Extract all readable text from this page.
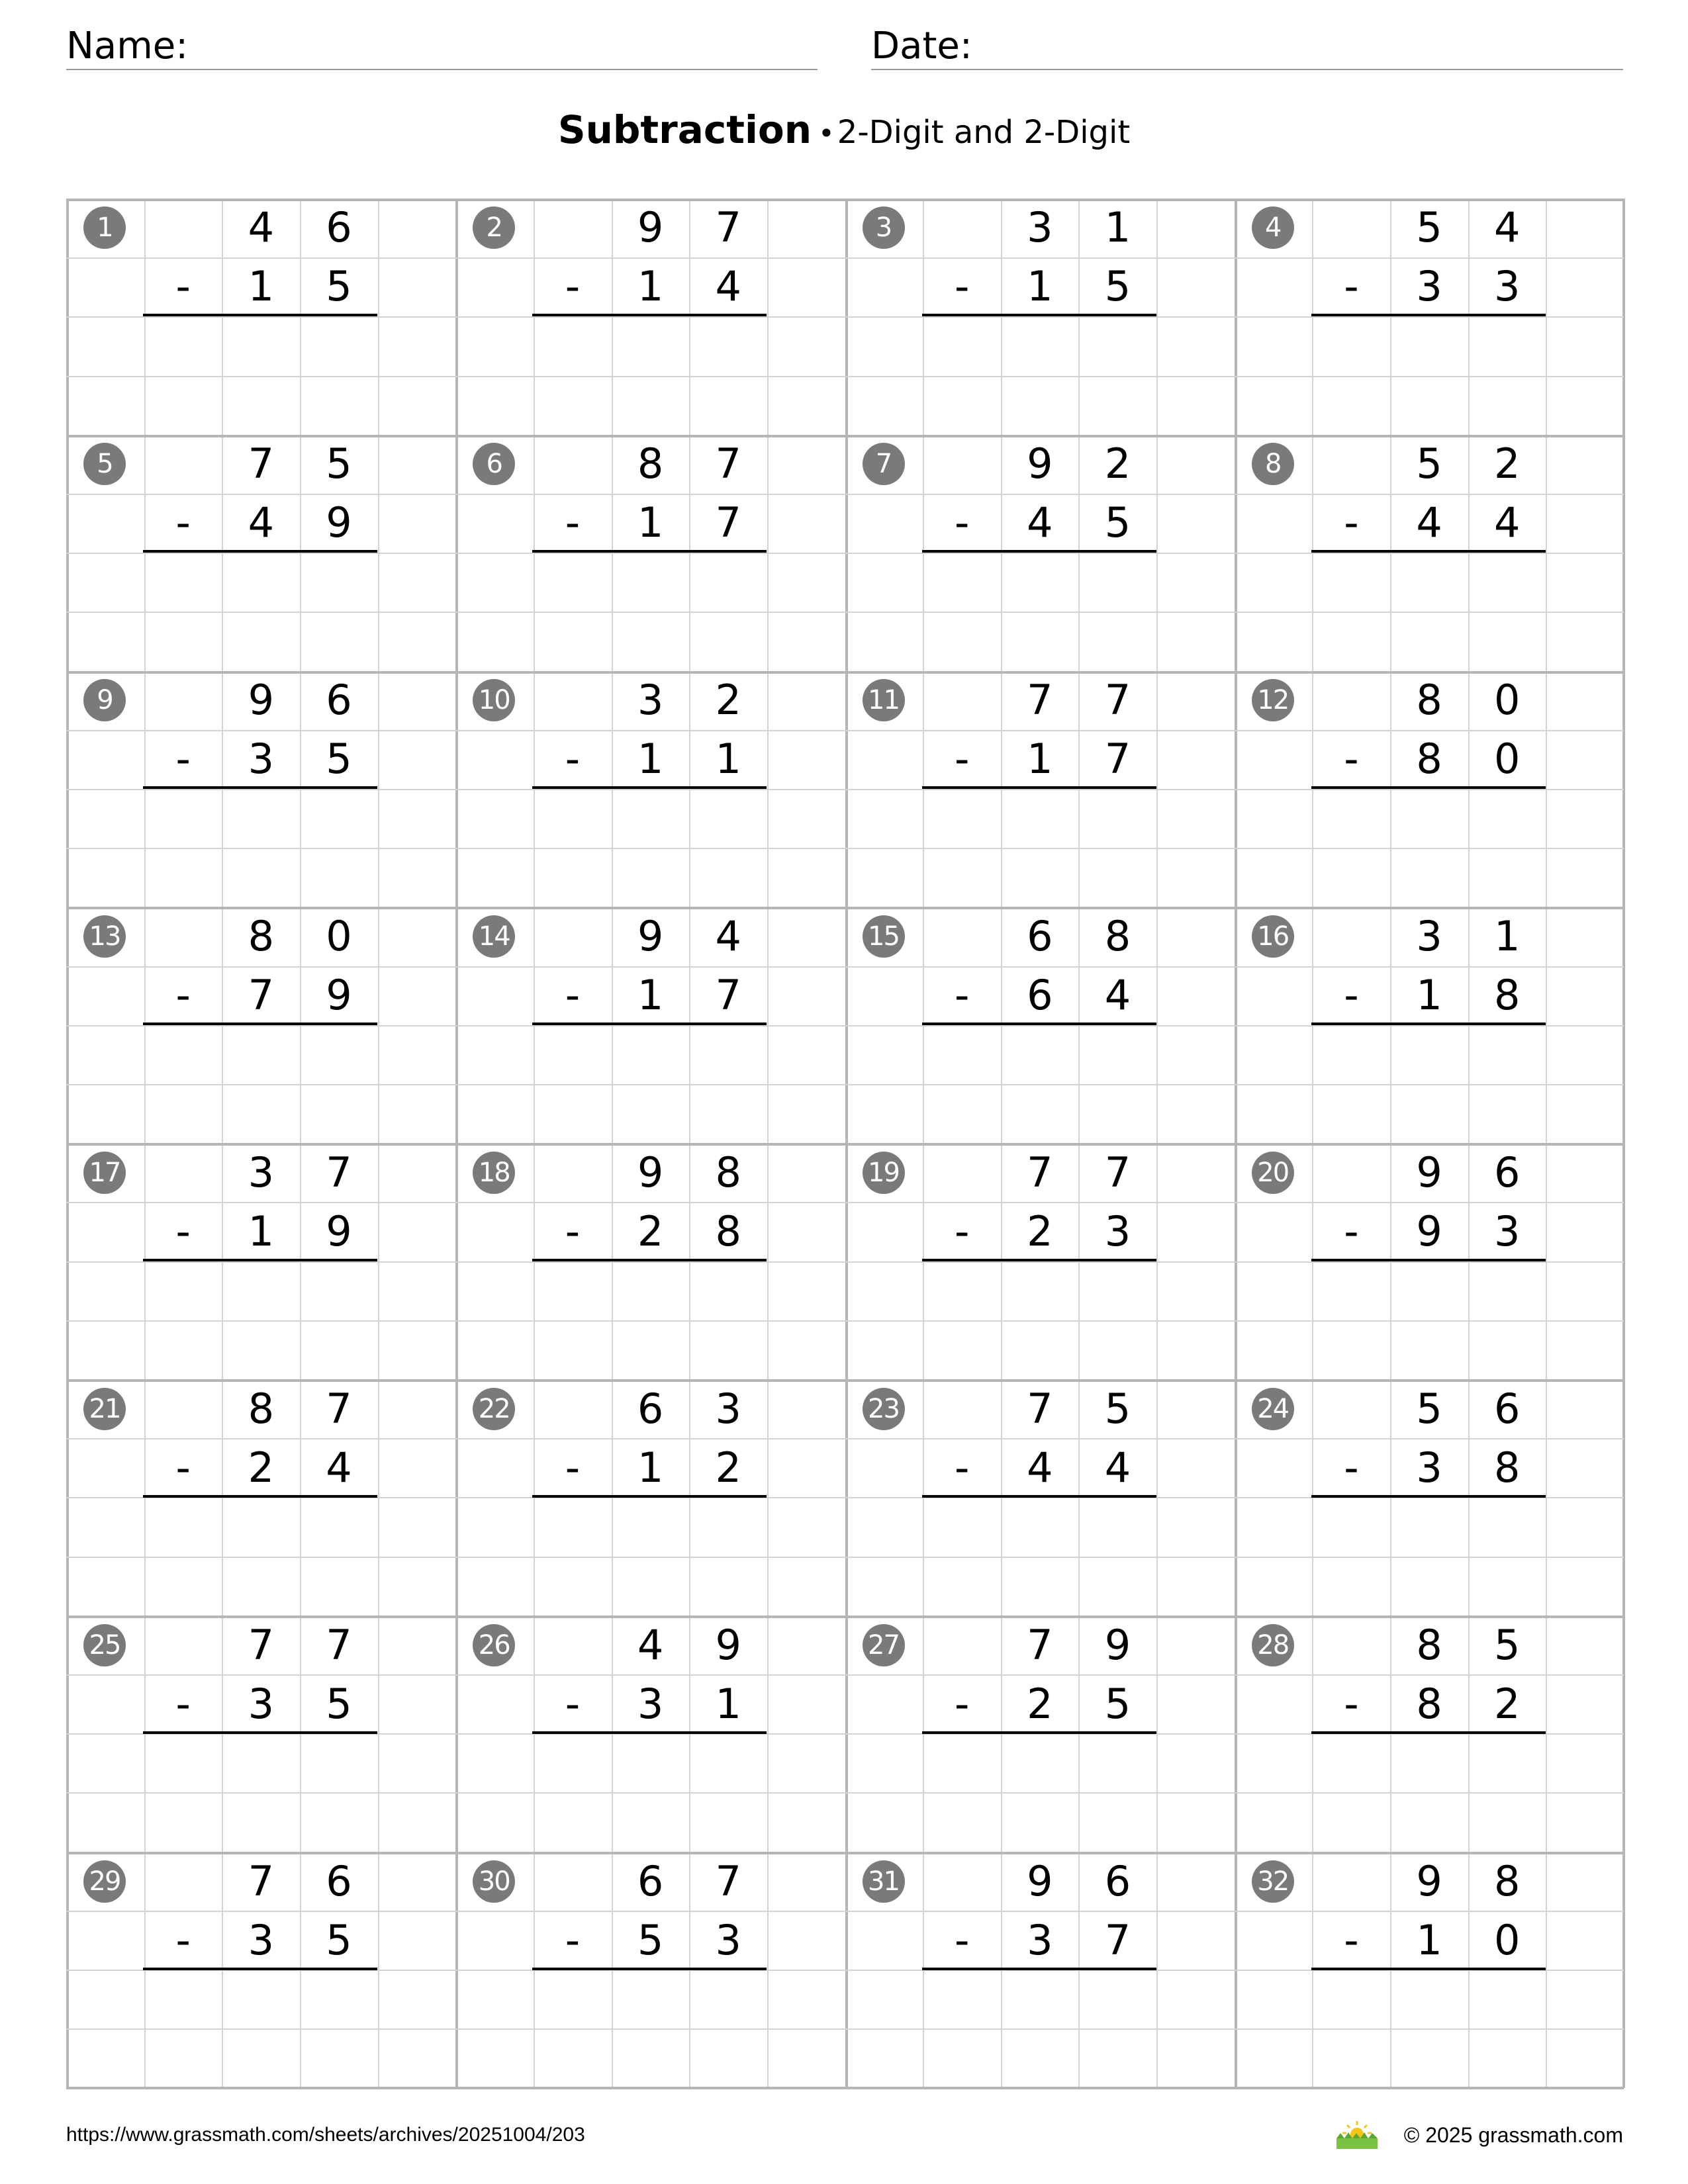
Name:	Date:
Subtraction •2-Digit and 2-Digit
1	4	6
-	1	5
2	9	7
-	1	4
3	3	1
-	1	5
4	5	4
-	3	3
5	7	5
-	4	9
6	8	7
-	1	7
7	9	2
-	4	5
8	5	2
-	4	4
9	9	6
-	3	5
10	3	2
-	1	1
11	7	7
-	1	7
12	8	0
-	8	0
13	8	0
-	7	9
14	9	4
-	1	7
15	6	8
-	6	4
16	3	1
-	1	8
17	3	7
-	1	9
18	9	8
-	2	8
19	7	7
-	2	3
20	9	6
-	9	3
21	8	7
-	2	4
22	6	3
-	1	2
23	7	5
-	4	4
24	5	6
-	3	8
25	7	7
-	3	5
26	4	9
-	3	1
27	7	9
-	2	5
28	8	5
-	8	2
29	7	6
-	3	5
30	6	7
-	5	3
31	9	6
-	3	7
32	9	8
-	1	0
https://www.grassmath.com/sheets/archives/20251004/203	© 2025 grassmath.com
